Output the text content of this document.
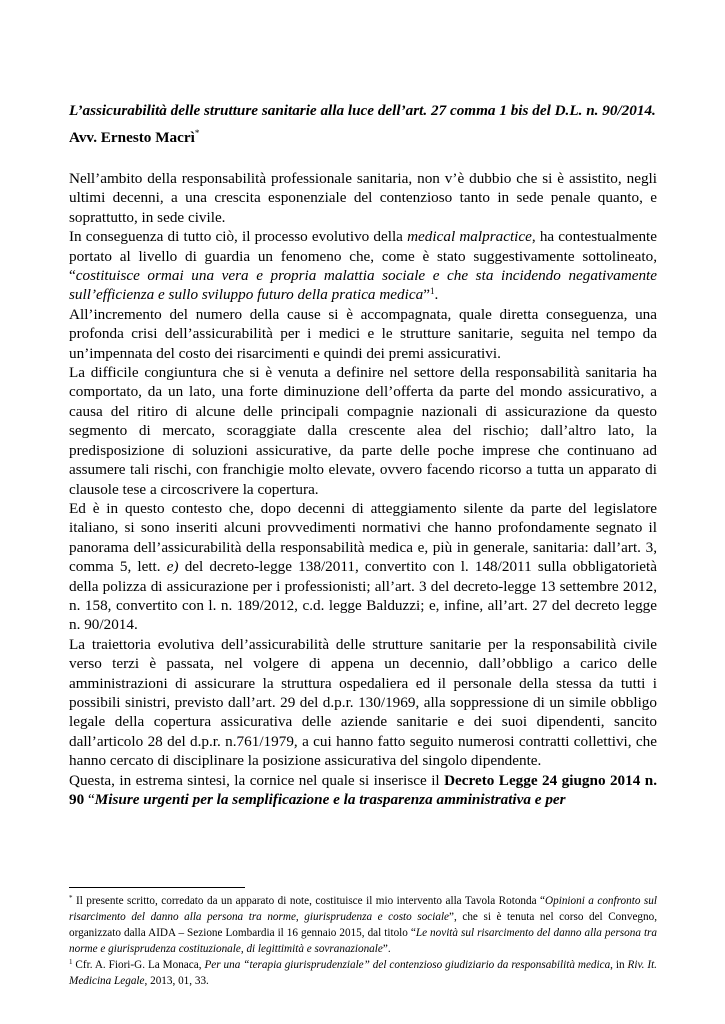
L’assicurabilità delle strutture sanitarie alla luce dell’art. 27 comma 1 bis del D.L. n. 90/2014.

Avv. Ernesto Macrì*

Nell’ambito della responsabilità professionale sanitaria, non v’è dubbio che si è assistito, negli ultimi decenni, a una crescita esponenziale del contenzioso tanto in sede penale quanto, e soprattutto, in sede civile.

In conseguenza di tutto ciò, il processo evolutivo della medical malpractice, ha contestualmente portato al livello di guardia un fenomeno che, come è stato suggestivamente sottolineato, “costituisce ormai una vera e propria malattia sociale e che sta incidendo negativamente sull’efficienza e sullo sviluppo futuro della pratica medica”$^1$.

All’incremento del numero della cause si è accompagnata, quale diretta conseguenza, una profonda crisi dell’assicurabilità per i medici e le strutture sanitarie, seguita nel tempo da un’impennata del costo dei risarcimenti e quindi dei premi assicurativi.

La difficile congiuntura che si è venuta a definire nel settore della responsabilità sanitaria ha comportato, da un lato, una forte diminuzione dell’offerta da parte del mondo assicurativo, a causa del ritiro di alcune delle principali compagnie nazionali di assicurazione da questo segmento di mercato, scoraggiate dalla crescente alea del rischio; dall’altro lato, la predisposizione di soluzioni assicurative, da parte delle poche imprese che continuano ad assumere tali rischi, con franchigie molto elevate, ovvero facendo ricorso a tutta un apparato di clausole tese a circoscrivere la copertura.

Ed è in questo contesto che, dopo decenni di atteggiamento silente da parte del legislatore italiano, si sono inseriti alcuni provvedimenti normativi che hanno profondamente segnato il panorama dell’assicurabilità della responsabilità medica e, più in generale, sanitaria: dall’art. 3, comma 5, lett. e) del decreto-legge 138/2011, convertito con l. 148/2011 sulla obbligatorietà della polizza di assicurazione per i professionisti; all’art. 3 del decreto-legge 13 settembre 2012, n. 158, convertito con l. n. 189/2012, c.d. legge Balduzzi; e, infine, all’art. 27 del decreto legge n. 90/2014.

La traiettoria evolutiva dell’assicurabilità delle strutture sanitarie per la responsabilità civile verso terzi è passata, nel volgere di appena un decennio, dall’obbligo a carico delle amministrazioni di assicurare la struttura ospedaliera ed il personale della stessa da tutti i possibili sinistri, previsto dall’art. 29 del d.p.r. 130/1969, alla soppressione di un simile obbligo legale della copertura assicurativa delle aziende sanitarie e dei suoi dipendenti, sancito dall’articolo 28 del d.p.r. n.761/1979, a cui hanno fatto seguito numerosi contratti collettivi, che hanno cercato di disciplinare la posizione assicurativa del singolo dipendente.

Questa, in estrema sintesi, la cornice nel quale si inserisce il Decreto Legge 24 giugno 2014 n. 90 “Misure urgenti per la semplificazione e la trasparenza amministrativa e per

* Il presente scritto, corredato da un apparato di note, costituisce il mio intervento alla Tavola Rotonda “Opinioni a confronto sul risarcimento del danno alla persona tra norme, giurisprudenza e costo sociale”, che si è tenuta nel corso del Convegno, organizzato dalla AIDA – Sezione Lombardia il 16 gennaio 2015, dal titolo “Le novità sul risarcimento del danno alla persona tra norme e giurisprudenza costituzionale, di legittimità e sovranazionale”.

$^1$ Cfr. A. Fiori-G. La Monaca, Per una “terapia giurisprudenziale” del contenzioso giudiziario da responsabilità medica, in Riv. It. Medicina Legale, 2013, 01, 33.
